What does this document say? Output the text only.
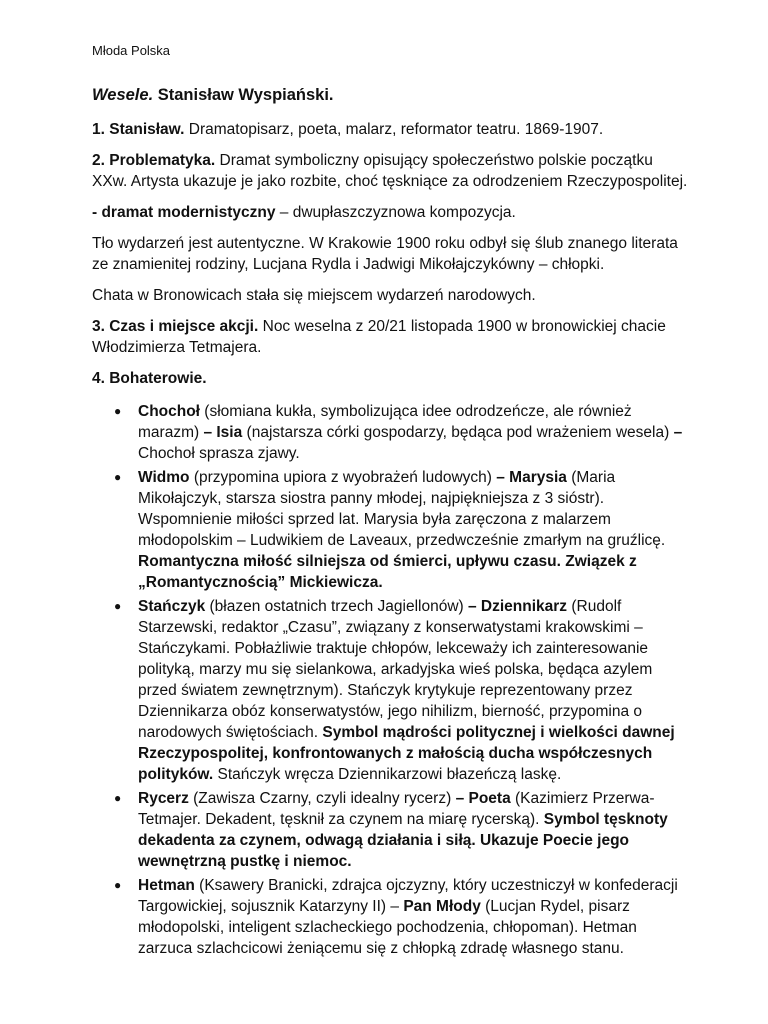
Młoda Polska
Wesele. Stanisław Wyspiański.

1. Stanisław. Dramatopisarz, poeta, malarz, reformator teatru. 1869-1907.

2. Problematyka. Dramat symboliczny opisujący społeczeństwo polskie początku XXw. Artysta ukazuje je jako rozbite, choć tęskniące za odrodzeniem Rzeczypospolitej.

- dramat modernistyczny – dwupłaszczyznowa kompozycja.

Tło wydarzeń jest autentyczne. W Krakowie 1900 roku odbył się ślub znanego literata ze znamienitej rodziny, Lucjana Rydla i Jadwigi Mikołajczykówny – chłopki.

Chata w Bronowicach stała się miejscem wydarzeń narodowych.

3. Czas i miejsce akcji. Noc weselna z 20/21 listopada 1900 w bronowickiej chacie Włodzimierza Tetmajera.

4. Bohaterowie.

● Chochoł (słomiana kukła, symbolizująca idee odrodzeńcze, ale również marazm) – Isia (najstarsza córki gospodarzy, będąca pod wrażeniem wesela) – Chochoł sprasza zjawy.
● Widmo (przypomina upiora z wyobrażeń ludowych) – Marysia (Maria Mikołajczyk, starsza siostra panny młodej, najpiękniejsza z 3 sióstr). Wspomnienie miłości sprzed lat. Marysia była zaręczona z malarzem młodopolskim – Ludwikiem de Laveaux, przedwcześnie zmarłym na gruźlicę. Romantyczna miłość silniejsza od śmierci, upływu czasu. Związek z „Romantycznością” Mickiewicza.
● Stańczyk (błazen ostatnich trzech Jagiellonów) – Dziennikarz (Rudolf Starzewski, redaktor „Czasu”, związany z konserwatystami krakowskimi – Stańczykami. Pobłażliwie traktuje chłopów, lekceważy ich zainteresowanie polityką, marzy mu się sielankowa, arkadyjska wieś polska, będąca azylem przed światem zewnętrznym). Stańczyk krytykuje reprezentowany przez Dziennikarza obóz konserwatystów, jego nihilizm, bierność, przypomina o narodowych świętościach. Symbol mądrości politycznej i wielkości dawnej Rzeczypospolitej, konfrontowanych z małością ducha współczesnych polityków. Stańczyk wręcza Dziennikarzowi błazeńczą laskę.
● Rycerz (Zawisza Czarny, czyli idealny rycerz) – Poeta (Kazimierz Przerwa-Tetmajer. Dekadent, tęsknił za czynem na miarę rycerską). Symbol tęsknoty dekadenta za czynem, odwagą działania i siłą. Ukazuje Poecie jego wewnętrzną pustkę i niemoc.
● Hetman (Ksawery Branicki, zdrajca ojczyzny, który uczestniczył w konfederacji Targowickiej, sojusznik Katarzyny II) – Pan Młody (Lucjan Rydel, pisarz młodopolski, inteligent szlacheckiego pochodzenia, chłopoman). Hetman zarzuca szlachcicowi żeniącemu się z chłopką zdradę własnego stanu.
